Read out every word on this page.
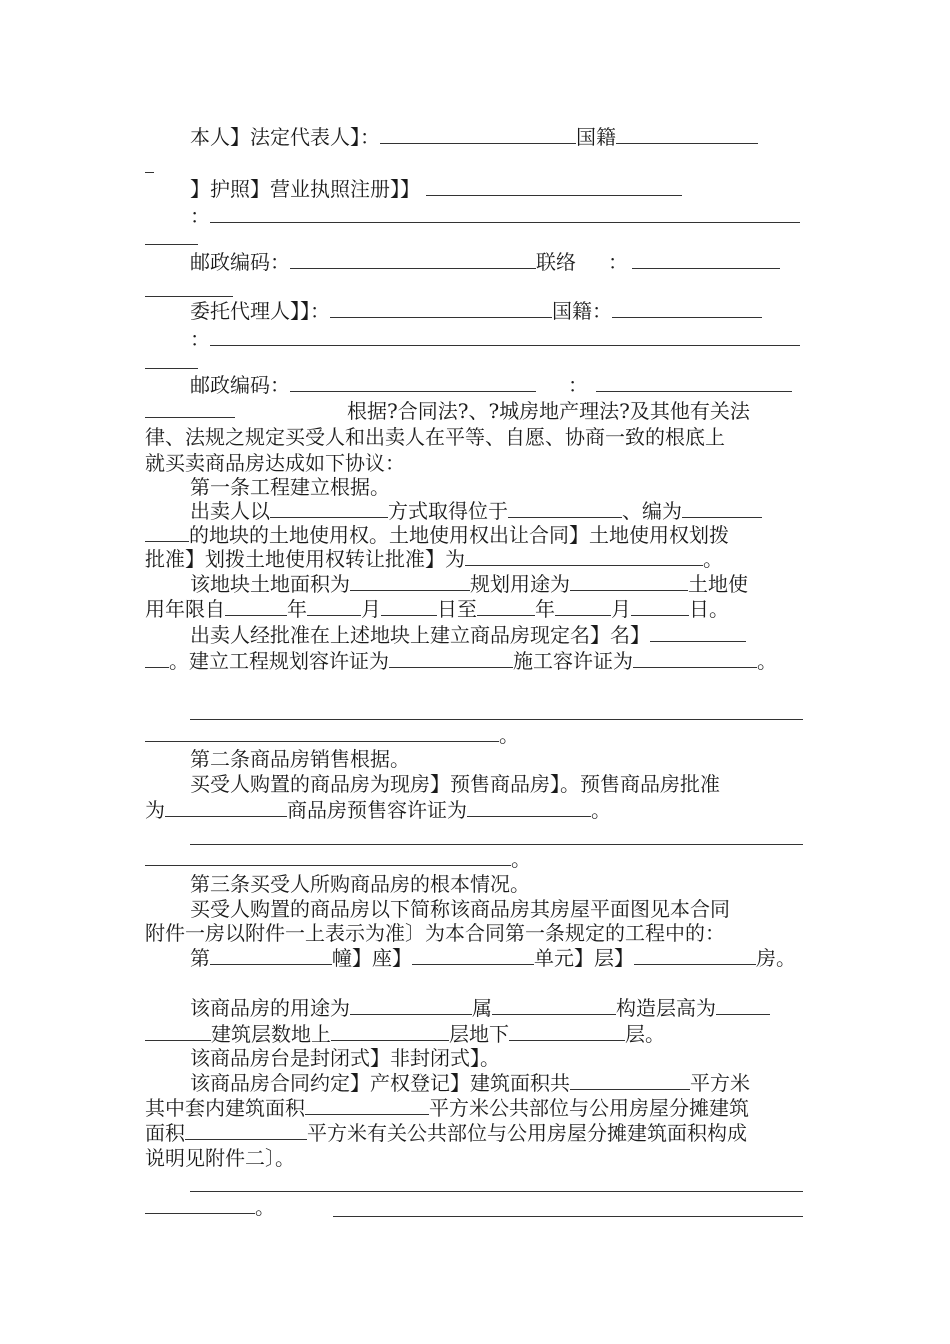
本人】法定代表人】：	国籍
】护照】营业执照注册】】
：
邮政编码：	联络 ：
委托代理人】】：	国籍：
：
邮政编码：	：
根据?合同法?、?城房地产理法?及其他有关法
律、法规之规定买受人和出卖人在平等、自愿、协商一致的根底上
就买卖商品房达成如下协议：
第一条工程建立根据。
出卖人以	方式取得位于	、编为
的地块的土地使用权。土地使用权出让合同】土地使用权划拨
批准】划拨土地使用权转让批准】为	。
该地块土地面积为	规划用途为	土地使
用年限自	年	月	日至	年	月	日。
出卖人经批准在上述地块上建立商品房现定名】名】
。建立工程规划容许证为	施工容许证为	。
。
第二条商品房销售根据。
买受人购置的商品房为现房】预售商品房】。预售商品房批准
为	商品房预售容许证为	。
。
第三条买受人所购商品房的根本情况。
买受人购置的商品房以下简称该商品房其房屋平面图见本合同
附件一房以附件一上表示为准〕为本合同第一条规定的工程中的：
第	幢】座】	单元】层】	房。
该商品房的用途为	属	构造层高为
建筑层数地上	层地下	层。
该商品房台是封闭式】非封闭式】。
该商品房合同约定】产权登记】建筑面积共	平方米
其中套内建筑面积	平方米公共部位与公用房屋分摊建筑
面积	平方米有关公共部位与公用房屋分摊建筑面积构成
说明见附件二〕。
。
